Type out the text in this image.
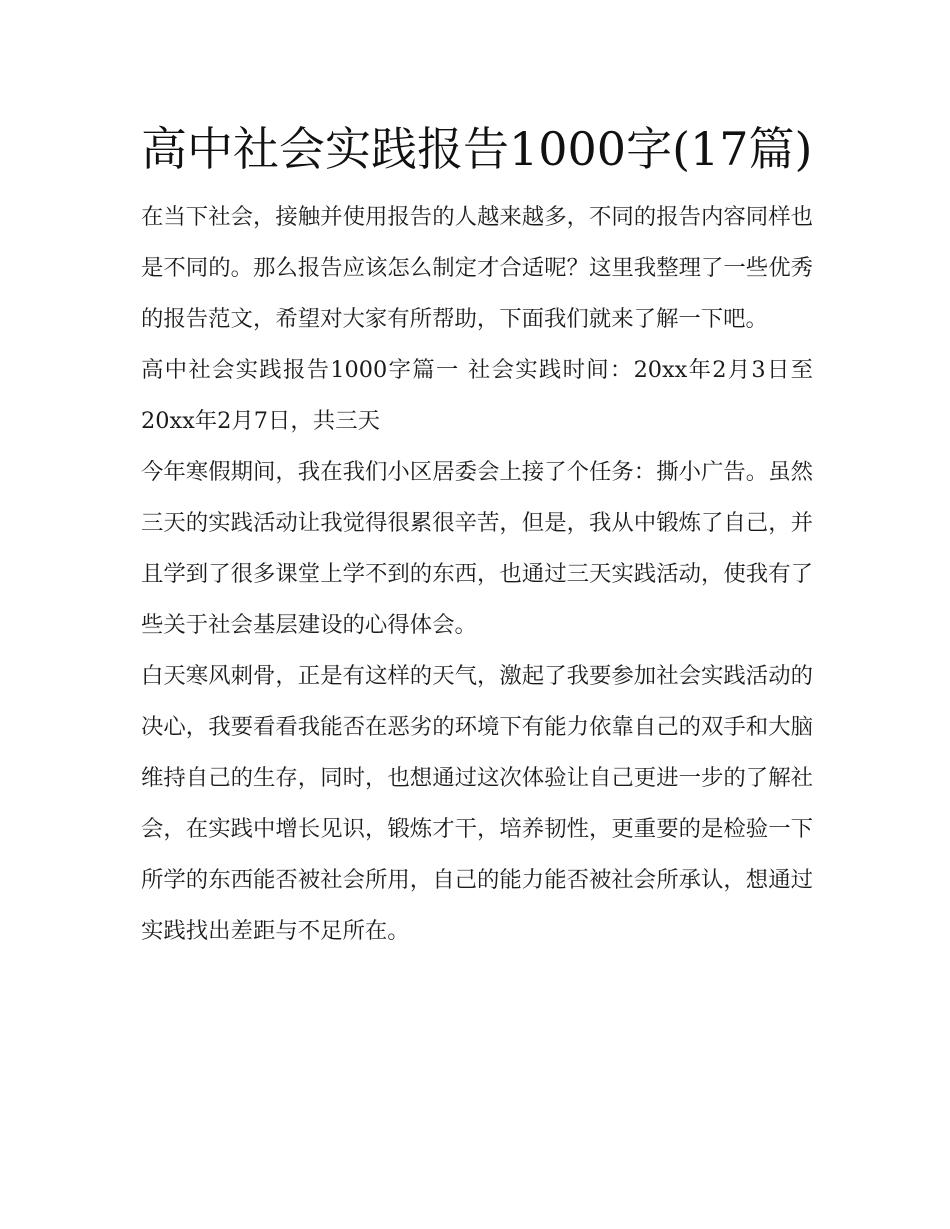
高中社会实践报告1000字(17篇)

在当下社会，接触并使用报告的人越来越多，不同的报告内容同样也是不同的。那么报告应该怎么制定才合适呢？这里我整理了一些优秀的报告范文，希望对大家有所帮助，下面我们就来了解一下吧。

高中社会实践报告1000字篇一 社会实践时间：20xx年2月3日至20xx年2月7日，共三天

今年寒假期间，我在我们小区居委会上接了个任务：撕小广告。虽然三天的实践活动让我觉得很累很辛苦，但是，我从中锻炼了自己，并且学到了很多课堂上学不到的东西，也通过三天实践活动，使我有了些关于社会基层建设的心得体会。

白天寒风刺骨，正是有这样的天气，激起了我要参加社会实践活动的决心，我要看看我能否在恶劣的环境下有能力依靠自己的双手和大脑维持自己的生存，同时，也想通过这次体验让自己更进一步的了解社会，在实践中增长见识，锻炼才干，培养韧性，更重要的是检验一下所学的东西能否被社会所用，自己的能力能否被社会所承认，想通过实践找出差距与不足所在。
